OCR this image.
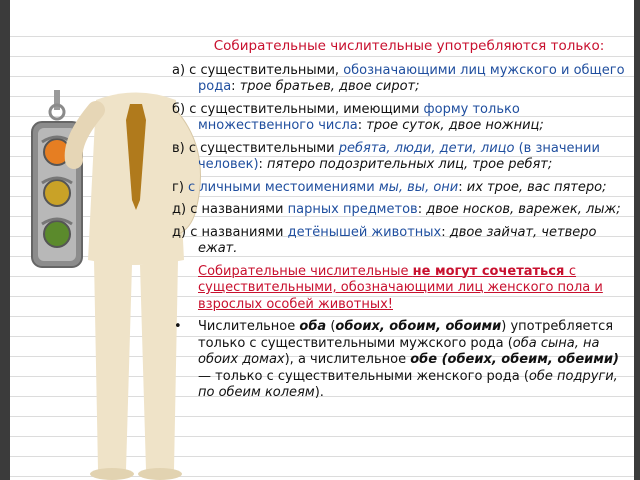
Собирательные числительные употребляются только:
а) с существительными, обозначающими лиц мужского и общего рода: трое братьев, двое сирот;
б) с существительными, имеющими форму только множественного числа: трое суток, двое ножниц;
в) с существительными ребята, люди, дети, лицо (в значении человек): пятеро подозрительных лиц, трое ребят;
г) с личными местоимениями мы, вы, они: их трое, вас пятеро;
д) с названиями парных предметов: двое носков, варежек, лыж;
д) с названиями детёнышей животных: двое зайчат, четверо ежат.
Собирательные числительные не могут сочетаться с существительными, обозначающими лиц женского пола и взрослых особей животных!
• Числительное оба (обоих, обоим, обоими) употребляется только с существительными мужского рода (оба сына, на обоих домах), а числительное обе (обеих, обеим, обеими) — только с существительными женского рода (обе подруги, по обеим колеям).
